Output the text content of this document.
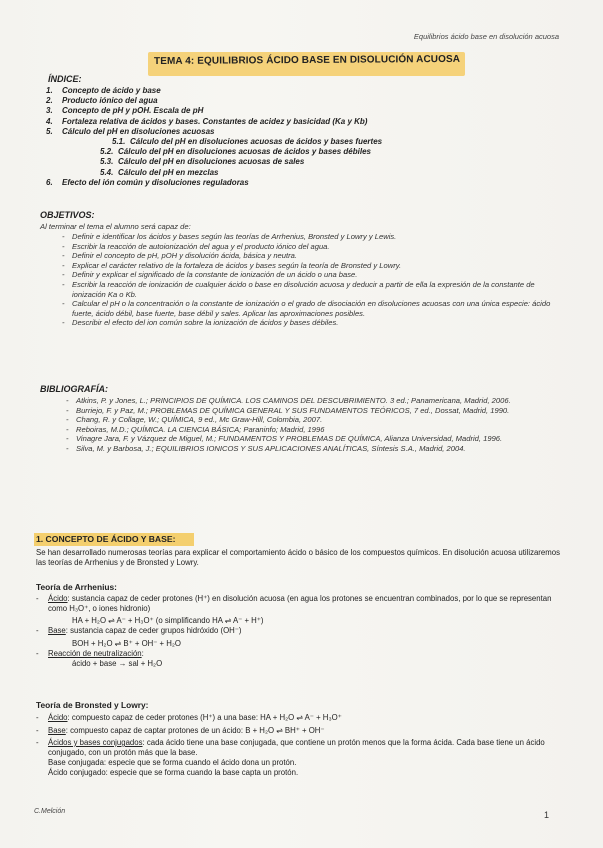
Equilibrios ácido base en disolución acuosa
TEMA 4: EQUILIBRIOS ÁCIDO BASE EN DISOLUCIÓN ACUOSA
ÍNDICE:
1. Concepto de ácido y base
2. Producto iónico del agua
3. Concepto de pH y pOH. Escala de pH
4. Fortaleza relativa de ácidos y bases. Constantes de acidez y basicidad (Ka y Kb)
5. Cálculo del pH en disoluciones acuosas
5.1. Cálculo del pH en disoluciones acuosas de ácidos y bases fuertes
5.2. Cálculo del pH en disoluciones acuosas de ácidos y bases débiles
5.3. Cálculo del pH en disoluciones acuosas de sales
5.4. Cálculo del pH en mezclas
6. Efecto del ión común y disoluciones reguladoras
OBJETIVOS:
Al terminar el tema el alumno será capaz de:
- Definir e identificar los ácidos y bases según las teorías de Arrhenius, Bronsted y Lowry y Lewis.
- Escribir la reacción de autoionización del agua y el producto iónico del agua.
- Definir el concepto de pH, pOH y disolución ácida, básica y neutra.
- Explicar el carácter relativo de la fortaleza de ácidos y bases según la teoría de Bronsted y Lowry.
- Definir y explicar el significado de la constante de ionización de un ácido o una base.
- Escribir la reacción de ionización de cualquier ácido o base en disolución acuosa y deducir a partir de ella la expresión de la constante de ionización Ka o Kb.
- Calcular el pH o la concentración o la constante de ionización o el grado de disociación en disoluciones acuosas con una única especie: ácido fuerte, ácido débil, base fuerte, base débil y sales. Aplicar las aproximaciones posibles.
- Describir el efecto del ion común sobre la ionización de ácidos y bases débiles.
BIBLIOGRAFÍA:
- Atkins, P. y Jones, L.; PRINCIPIOS DE QUÍMICA. LOS CAMINOS DEL DESCUBRIMIENTO. 3 ed.; Panamericana, Madrid, 2006.
- Burriejo, F. y Paz, M.; PROBLEMAS DE QUÍMICA GENERAL Y SUS FUNDAMENTOS TEÓRICOS, 7 ed., Dossat, Madrid, 1990.
- Chang, R. y Collage, W.; QUÍMICA, 9 ed., Mc Graw-Hill, Colombia, 2007.
- Reboiras, M.D.; QUÍMICA. LA CIENCIA BÁSICA; Paraninfo; Madrid, 1996
- Vinagre Jara, F. y Vázquez de Miguel, M.; FUNDAMENTOS Y PROBLEMAS DE QUÍMICA, Alianza Universidad, Madrid, 1996.
- Silva, M. y Barbosa, J.; EQUILIBRIOS IONICOS Y SUS APLICACIONES ANALÍTICAS, Síntesis S.A., Madrid, 2004.
1. CONCEPTO DE ÁCIDO Y BASE:
Se han desarrollado numerosas teorías para explicar el comportamiento ácido o básico de los compuestos químicos. En disolución acuosa utilizaremos las teorías de Arrhenius y de Bronsted y Lowry.
Teoría de Arrhenius:
- Ácido: sustancia capaz de ceder protones (H⁺) en disolución acuosa (en agua los protones se encuentran combinados, por lo que se representan como H₃O⁺, o iones hidronio)
HA + H₂O ⇌ A⁻ + H₃O⁺ (o simplificando HA ⇌ A⁻ + H⁺)
- Base: sustancia capaz de ceder grupos hidróxido (OH⁻)
BOH + H₂O ⇌ B⁺ + OH⁻ + H₂O
- Reacción de neutralización:
ácido + base → sal + H₂O
Teoría de Bronsted y Lowry:
- Ácido: compuesto capaz de ceder protones (H⁺) a una base: HA + H₂O ⇌ A⁻ + H₃O⁺
- Base: compuesto capaz de captar protones de un ácido: B + H₂O ⇌ BH⁺ + OH⁻
- Ácidos y bases conjugados: cada ácido tiene una base conjugada, que contiene un protón menos que la forma ácida. Cada base tiene un ácido conjugado, con un protón más que la base.
Base conjugada: especie que se forma cuando el ácido dona un protón.
Ácido conjugado: especie que se forma cuando la base capta un protón.
C.Melción	1
